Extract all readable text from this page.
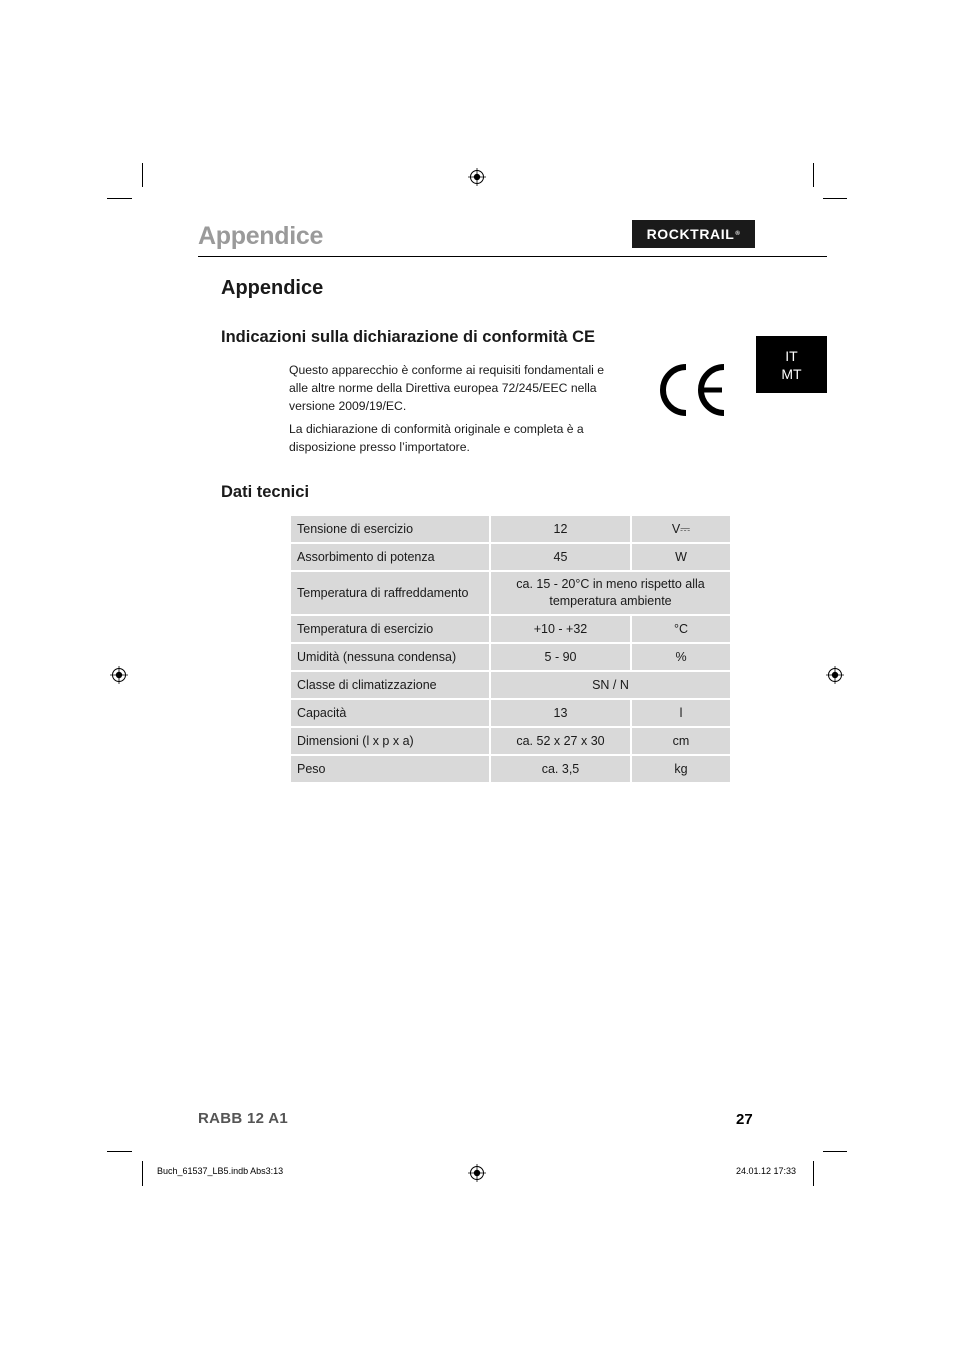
Appendice	ROCKTRAIL ®
Appendice
IT
MT
Indicazioni sulla dichiarazione di conformità CE
Questo apparecchio è conforme ai requisiti fondamentali e
alle altre norme della Direttiva europea 72/245/EEC nella
versione 2009/19/EC.
La dichiarazione di conformità originale e completa è a
disposizione presso l’importatore.
Dati tecnici
Tensione di esercizio	12	V⎓
Assorbimento di potenza	45	W
Temperatura di raffreddamento	ca. 15 - 20°C in meno rispetto alla
temperatura ambiente	

Temperatura di esercizio	+10 - +32	°C
Umidità (nessuna condensa)	5 - 90	%
Classe di climatizzazione	SN / N	
Capacità	13	l
Dimensioni (l x p x a)	ca. 52 x 27 x 30	cm
Peso	ca. 3,5	kg
RABB 12 A1	27
Buch_61537_LB5.indb Abs3:13	24.01.12 17:33
